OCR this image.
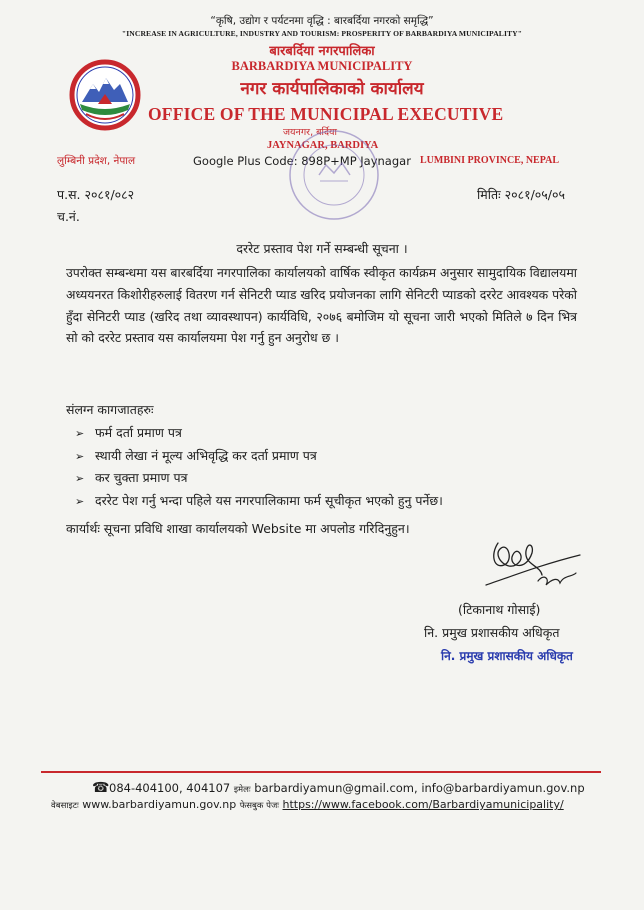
“कृषि, उद्योग र पर्यटनमा वृद्धि : बारबर्दिया नगरको समृद्धि”
"INCREASE IN AGRICULTURE, INDUSTRY AND TOURISM: PROSPERITY OF BARBARDIYA MUNICIPALITY"
बारबर्दिया नगरपालिका
BARBARDIYA MUNICIPALITY
नगर कार्यपालिकाको कार्यालय
OFFICE OF THE MUNICIPAL EXECUTIVE
जयनगर, बर्दिया
JAYNAGAR, BARDIYA
लुम्बिनी प्रदेश, नेपाल	Google Plus Code: 898P+MP Jaynagar LUMBINI PROVINCE, NEPAL
प.स. २०८१/०८२
च.नं.
मितिः २०८१/०५/०५
दररेट प्रस्ताव पेश गर्ने सम्बन्धी सूचना ।
उपरोक्त सम्बन्धमा यस बारबर्दिया नगरपालिका कार्यालयको वार्षिक स्वीकृत कार्यक्रम अनुसार सामुदायिक विद्यालयमा अध्ययनरत किशोरीहरुलाई वितरण गर्न सेनिटरी प्याड खरिद प्रयोजनका लागि सेनिटरी प्याडको दररेट आवश्यक परेको हुँदा सेनिटरी प्याड (खरिद तथा व्यावस्थापन) कार्यविधि, २०७६ बमोजिम यो सूचना जारी भएको मितिले ७ दिन भित्र सो को दररेट प्रस्ताव यस कार्यालयमा पेश गर्नु हुन अनुरोध छ ।
संलग्न कागजातहरुः
➢ फर्म दर्ता प्रमाण पत्र
➢ स्थायी लेखा नं मूल्य अभिवृद्धि कर दर्ता प्रमाण पत्र
➢ कर चुक्ता प्रमाण पत्र
➢ दररेट पेश गर्नु भन्दा पहिले यस नगरपालिकामा फर्म सूचीकृत भएको हुनु पर्नेछ।
कार्यार्थः सूचना प्रविधि शाखा कार्यालयको Website मा अपलोड गरिदिनुहुन।
(टिकानाथ गोसाई)
नि. प्रमुख प्रशासकीय अधिकृत
नि. प्रमुख प्रशासकीय अधिकृत
☎084-404100, 404107 इमेलः barbardiyamun@gmail.com, info@barbardiyamun.gov.np
वेबसाइटः www.barbardiyamun.gov.np फेसबुक पेजः https://www.facebook.com/Barbardiyamunicipality/
